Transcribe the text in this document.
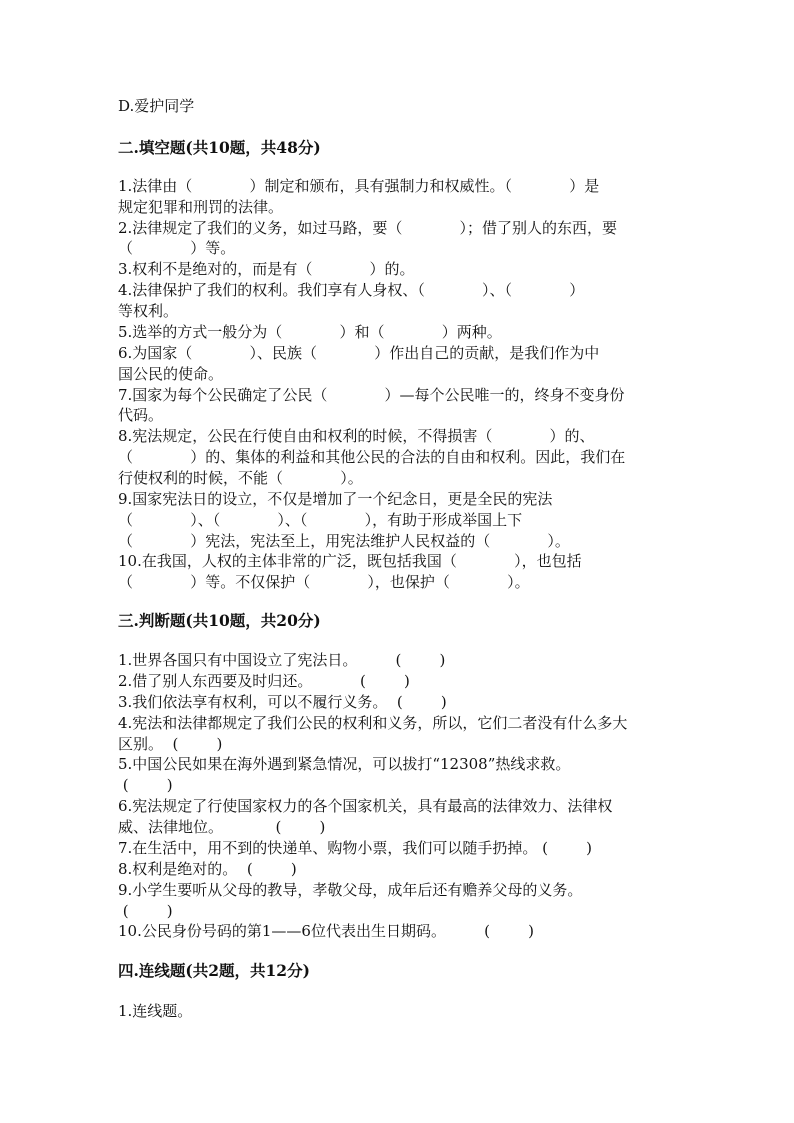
D.爱护同学
二.填空题(共10题，共48分)
1.法律由（            ）制定和颁布，具有强制力和权威性。（            ）是
规定犯罪和刑罚的法律。
2.法律规定了我们的义务，如过马路，要（            ）；借了别人的东西，要
（            ）等。
3.权利不是绝对的，而是有（            ）的。
4.法律保护了我们的权利。我们享有人身权、（            ）、（            ）
等权利。
5.选举的方式一般分为（            ）和（            ）两种。
6.为国家（            ）、民族（            ）作出自己的贡献，是我们作为中
国公民的使命。
7.国家为每个公民确定了公民（            ）—每个公民唯一的，终身不变身份
代码。
8.宪法规定，公民在行使自由和权利的时候，不得损害（            ）的、
（            ）的、集体的利益和其他公民的合法的自由和权利。因此，我们在
行使权利的时候，不能（            ）。
9.国家宪法日的设立，不仅是增加了一个纪念日，更是全民的宪法
（            ）、（            ）、（            ），有助于形成举国上下
（            ）宪法，宪法至上，用宪法维护人民权益的（            ）。
10.在我国，人权的主体非常的广泛，既包括我国（            ），也包括
（            ）等。不仅保护（            ），也保护（            ）。
三.判断题(共10题，共20分)
1.世界各国只有中国设立了宪法日。        (        )
2.借了别人东西要及时归还。          (        )
3.我们依法享有权利，可以不履行义务。  (        )
4.宪法和法律都规定了我们公民的权利和义务，所以，它们二者没有什么多大
区别。  (        )
5.中国公民如果在海外遇到紧急情况，可以拔打“12308”热线求救。
(        )
6.宪法规定了行使国家权力的各个国家机关，具有最高的法律效力、法律权
威、法律地位。           (        )
7.在生活中，用不到的快递单、购物小票，我们可以随手扔掉。 (        )
8.权利是绝对的。  (        )
9.小学生要听从父母的教导，孝敬父母，成年后还有赡养父母的义务。
(        )
10.公民身份号码的第1——6位代表出生日期码。        (        )
四.连线题(共2题，共12分)
1.连线题。
